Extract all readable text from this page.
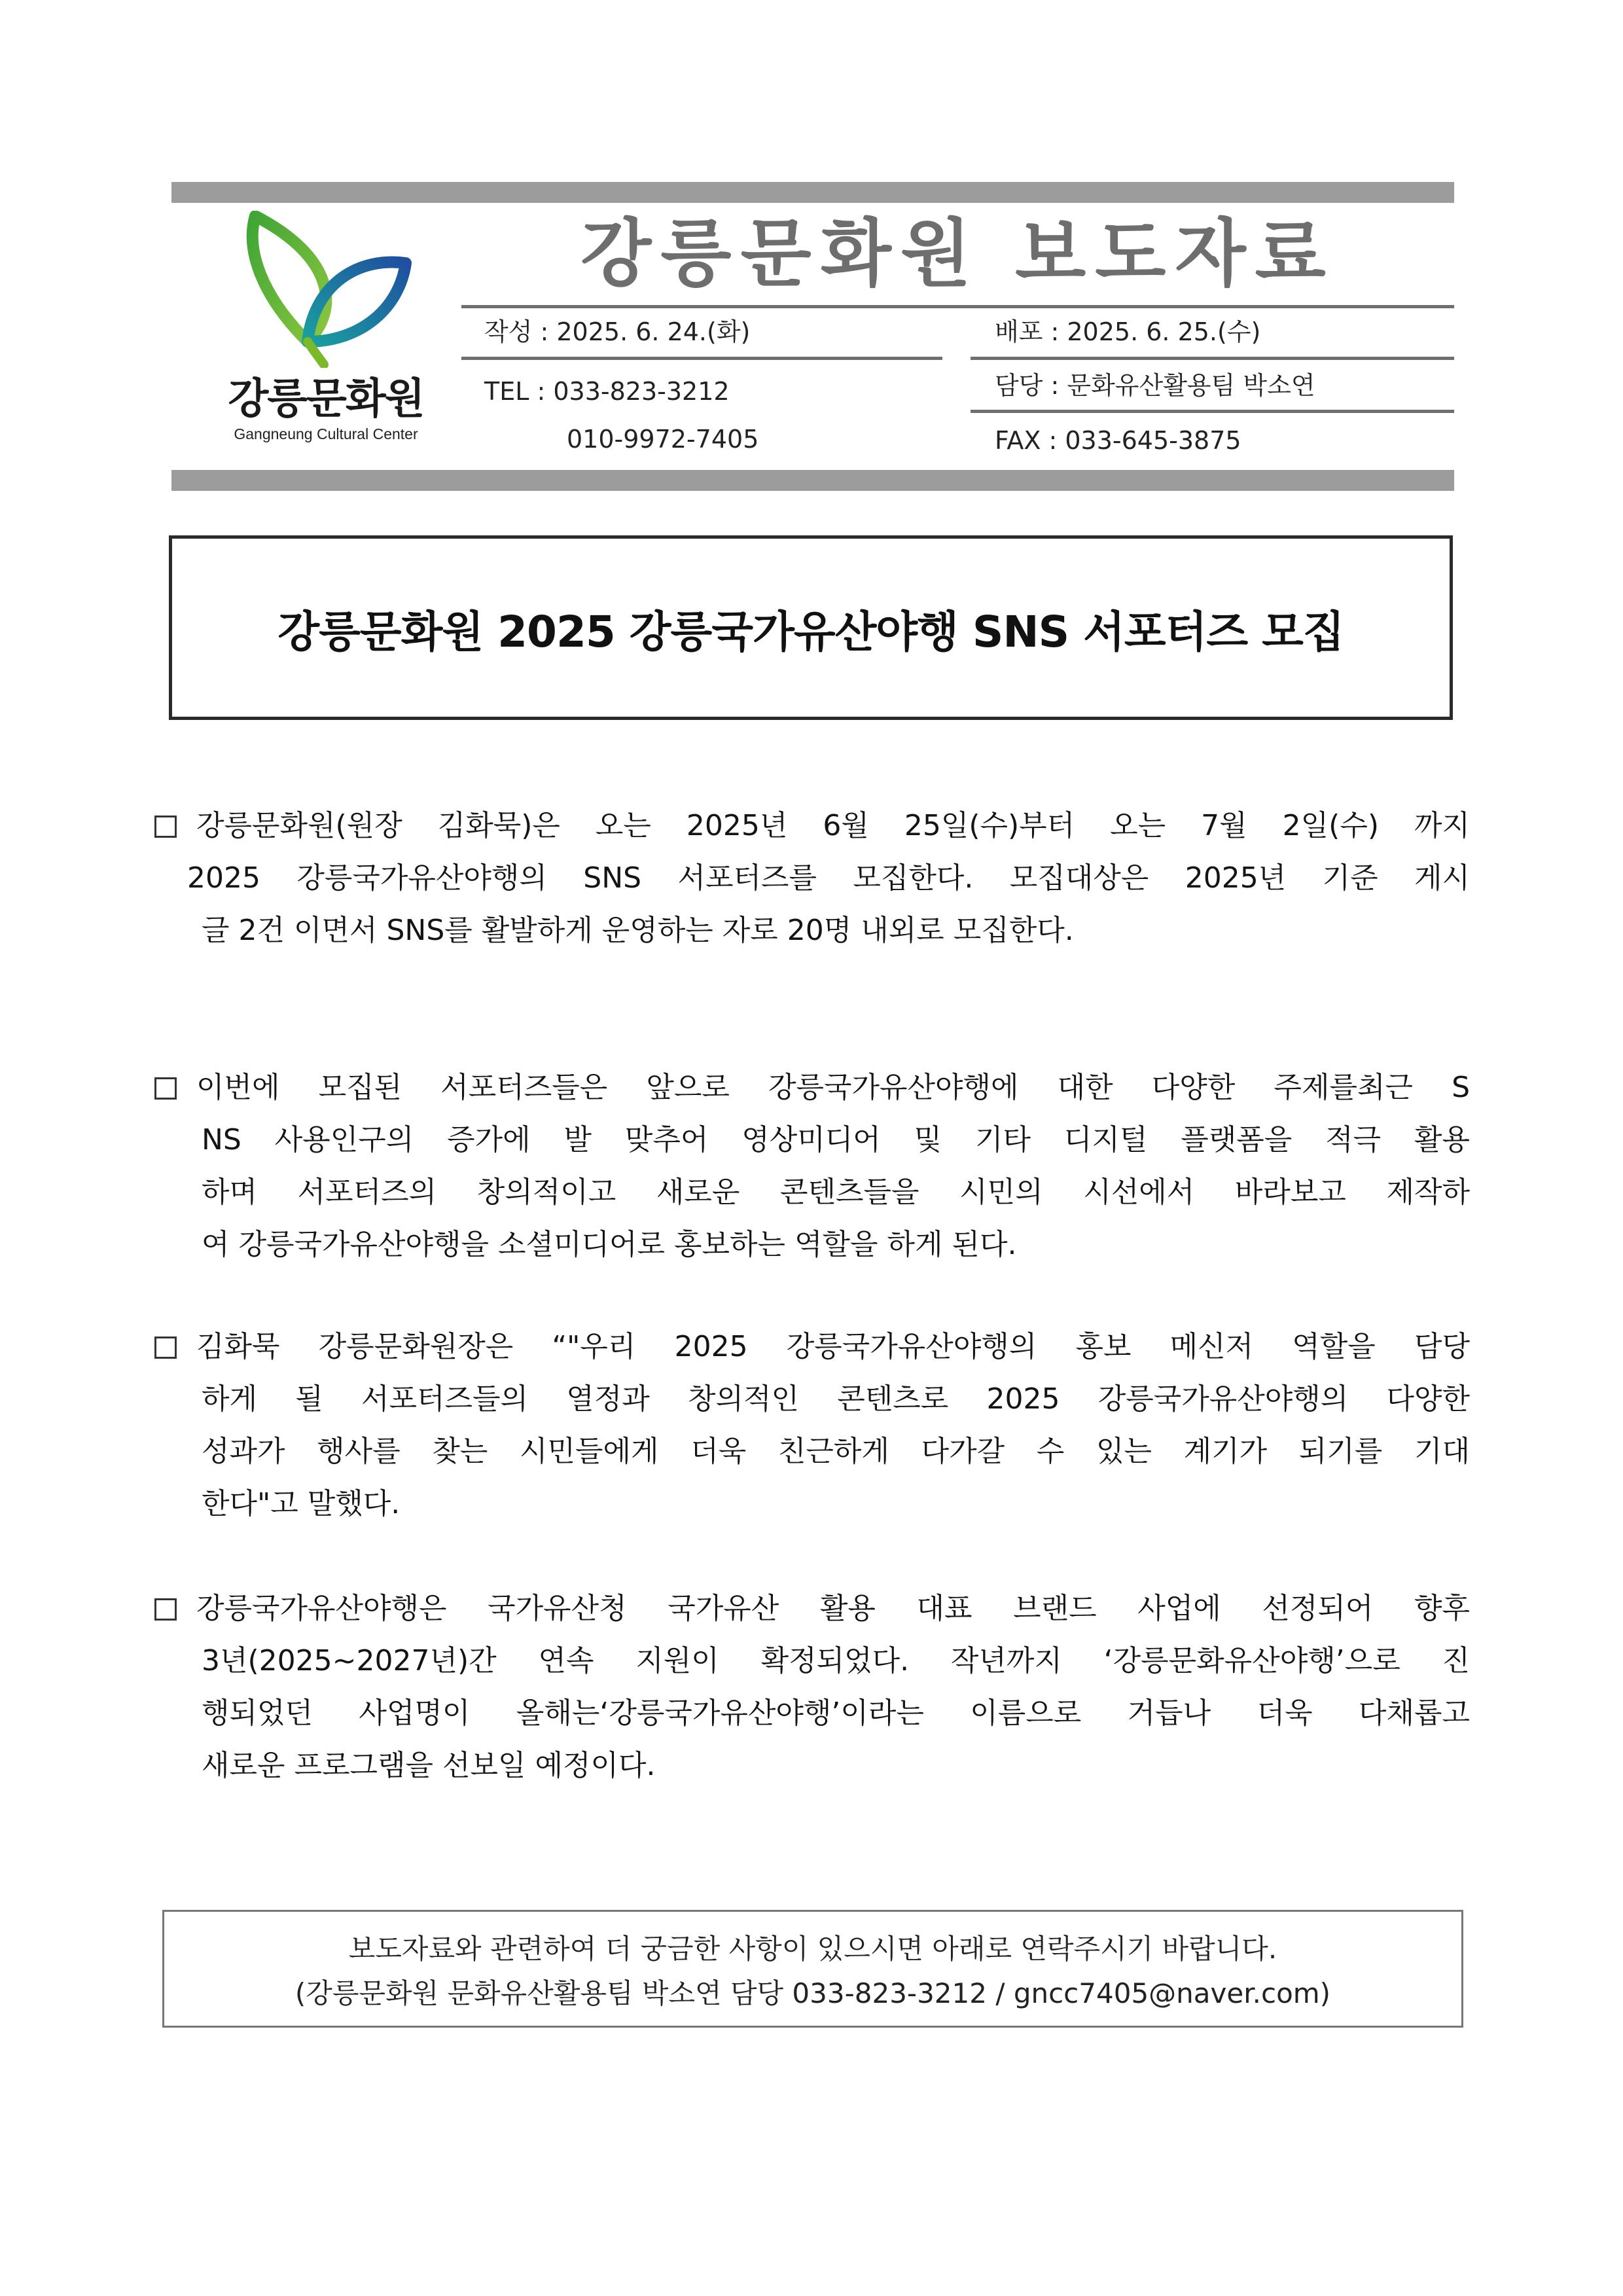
강릉문화원
Gangneung Cultural Center
강릉문화원 보도자료
작성 : 2025. 6. 24.(화)	배포 : 2025. 6. 25.(수)
TEL : 033-823-3212
010-9972-7405
담당 : 문화유산활용팀 박소연
FAX : 033-645-3875
강릉문화원 2025 강릉국가유산야행 SNS 서포터즈 모집
강릉문화원(원장 김화묵)은 오는 2025년 6월 25일(수)부터 오는 7월 2일(수) 까지
2025 강릉국가유산야행의 SNS 서포터즈를 모집한다. 모집대상은 2025년 기준 게시
글 2건 이면서 SNS를 활발하게 운영하는 자로 20명 내외로 모집한다.
이번에 모집된 서포터즈들은 앞으로 강릉국가유산야행에 대한 다양한 주제를최근 S
NS 사용인구의 증가에 발 맞추어 영상미디어 및 기타 디지털 플랫폼을 적극 활용
하며 서포터즈의 창의적이고 새로운 콘텐츠들을 시민의 시선에서 바라보고 제작하
여 강릉국가유산야행을 소셜미디어로 홍보하는 역할을 하게 된다.
김화묵 강릉문화원장은 “"우리 2025 강릉국가유산야행의 홍보 메신저 역할을 담당
하게 될 서포터즈들의 열정과 창의적인 콘텐츠로 2025 강릉국가유산야행의 다양한
성과가 행사를 찾는 시민들에게 더욱 친근하게 다가갈 수 있는 계기가 되기를 기대
한다"고 말했다.
강릉국가유산야행은 국가유산청 국가유산 활용 대표 브랜드 사업에 선정되어 향후
3년(2025~2027년)간 연속 지원이 확정되었다. 작년까지 ‘강릉문화유산야행’으로 진
행되었던 사업명이 올해는‘강릉국가유산야행’이라는 이름으로 거듭나 더욱 다채롭고
새로운 프로그램을 선보일 예정이다.
보도자료와 관련하여 더 궁금한 사항이 있으시면 아래로 연락주시기 바랍니다.
(강릉문화원 문화유산활용팀 박소연 담당 033-823-3212 / gncc7405@naver.com)
